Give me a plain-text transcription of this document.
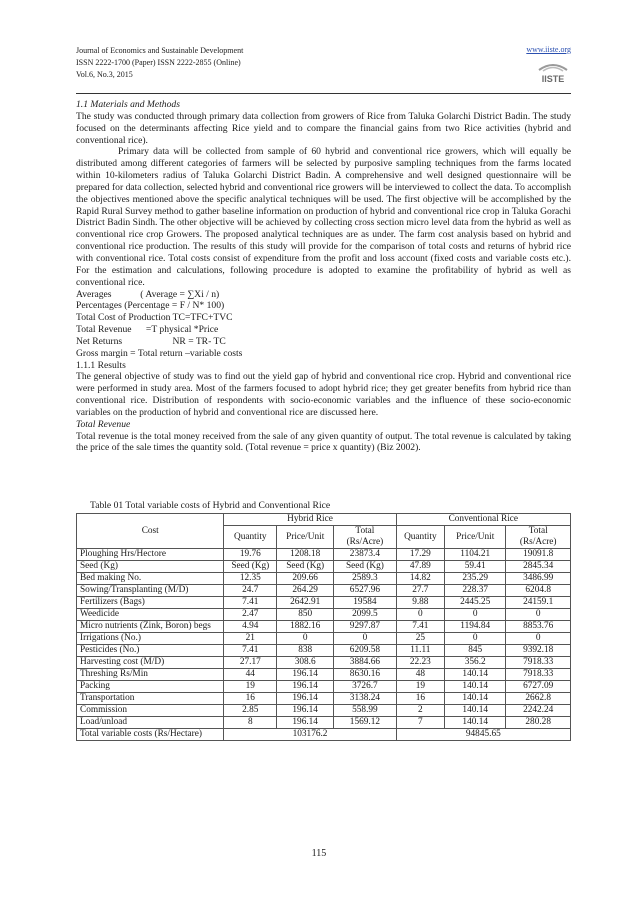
Journal of Economics and Sustainable Development
ISSN 2222-1700 (Paper) ISSN 2222-2855 (Online)
Vol.6, No.3, 2015
www.iiste.org
IISTE

1.1 Materials and Methods

The study was conducted through primary data collection from growers of Rice from Taluka Golarchi District Badin. The study focused on the determinants affecting Rice yield and to compare the financial gains from two Rice activities (hybrid and conventional rice).

Primary data will be collected from sample of 60 hybrid and conventional rice growers, which will equally be distributed among different categories of farmers will be selected by purposive sampling techniques from the farms located within 10-kilometers radius of Taluka Golarchi District Badin. A comprehensive and well designed questionnaire will be prepared for data collection, selected hybrid and conventional rice growers will be interviewed to collect the data. To accomplish the objectives mentioned above the specific analytical techniques will be used. The first objective will be accomplished by the Rapid Rural Survey method to gather baseline information on production of hybrid and conventional rice crop in Taluka Gorachi District Badin Sindh. The other objective will be achieved by collecting cross section micro level data from the hybrid as well as conventional rice crop Growers. The proposed analytical techniques are as under. The farm cost analysis based on hybrid and conventional rice production. The results of this study will provide for the comparison of total costs and returns of hybrid rice with conventional rice. Total costs consist of expenditure from the profit and loss account (fixed costs and variable costs etc.). For the estimation and calculations, following procedure is adopted to examine the profitability of hybrid as well as conventional rice.

Averages            ( Average = ∑Xi / n)

Percentages (Percentage = F / N* 100)

Total Cost of Production TC=TFC+TVC

Total Revenue      =T physical *Price

Net Returns                     NR = TR- TC

Gross margin = Total return –variable costs

1.1.1 Results

The general objective of study was to find out the yield gap of hybrid and conventional rice crop. Hybrid and conventional rice were performed in study area. Most of the farmers focused to adopt hybrid rice; they get greater benefits from hybrid rice than conventional rice. Distribution of respondents with socio-economic variables and the influence of these socio-economic variables on the production of hybrid and conventional rice are discussed here.

Total Revenue

Total revenue is the total money received from the sale of any given quantity of output. The total revenue is calculated by taking the price of the sale times the quantity sold. (Total revenue = price x quantity) (Biz 2002).

Table 01 Total variable costs of Hybrid and Conventional Rice
Cost	Hybrid Rice			Conventional Rice		
	Quantity	Price/Unit	Total (Rs/Acre)	Quantity	Price/Unit	Total (Rs/Acre)
Ploughing Hrs/Hectore	19.76	1208.18	23873.4	17.29	1104.21	19091.8
Seed (Kg)	Seed (Kg)	Seed (Kg)	Seed (Kg)	47.89	59.41	2845.34
Bed making No.	12.35	209.66	2589.3	14.82	235.29	3486.99
Sowing/Transplanting (M/D)	24.7	264.29	6527.96	27.7	228.37	6204.8
Fertilizers (Bags)	7.41	2642.91	19584	9.88	2445.25	24159.1
Weedicide	2.47	850	2099.5	0	0	0
Micro nutrients (Zink, Boron) begs	4.94	1882.16	9297.87	7.41	1194.84	8853.76
Irrigations (No.)	21	0	0	25	0	0
Pesticides (No.)	7.41	838	6209.58	11.11	845	9392.18
Harvesting cost (M/D)	27.17	308.6	3884.66	22.23	356.2	7918.33
Threshing Rs/Min	44	196.14	8630.16	48	140.14	7918.33
Packing	19	196.14	3726.7	19	140.14	6727.09
Transportation	16	196.14	3138.24	16	140.14	2662.8
Commission	2.85	196.14	558.99	2	140.14	2242.24
Load/unload	8	196.14	1569.12	7	140.14	280.28
Total variable costs (Rs/Hectare)	103176.2			94845.65		
115
